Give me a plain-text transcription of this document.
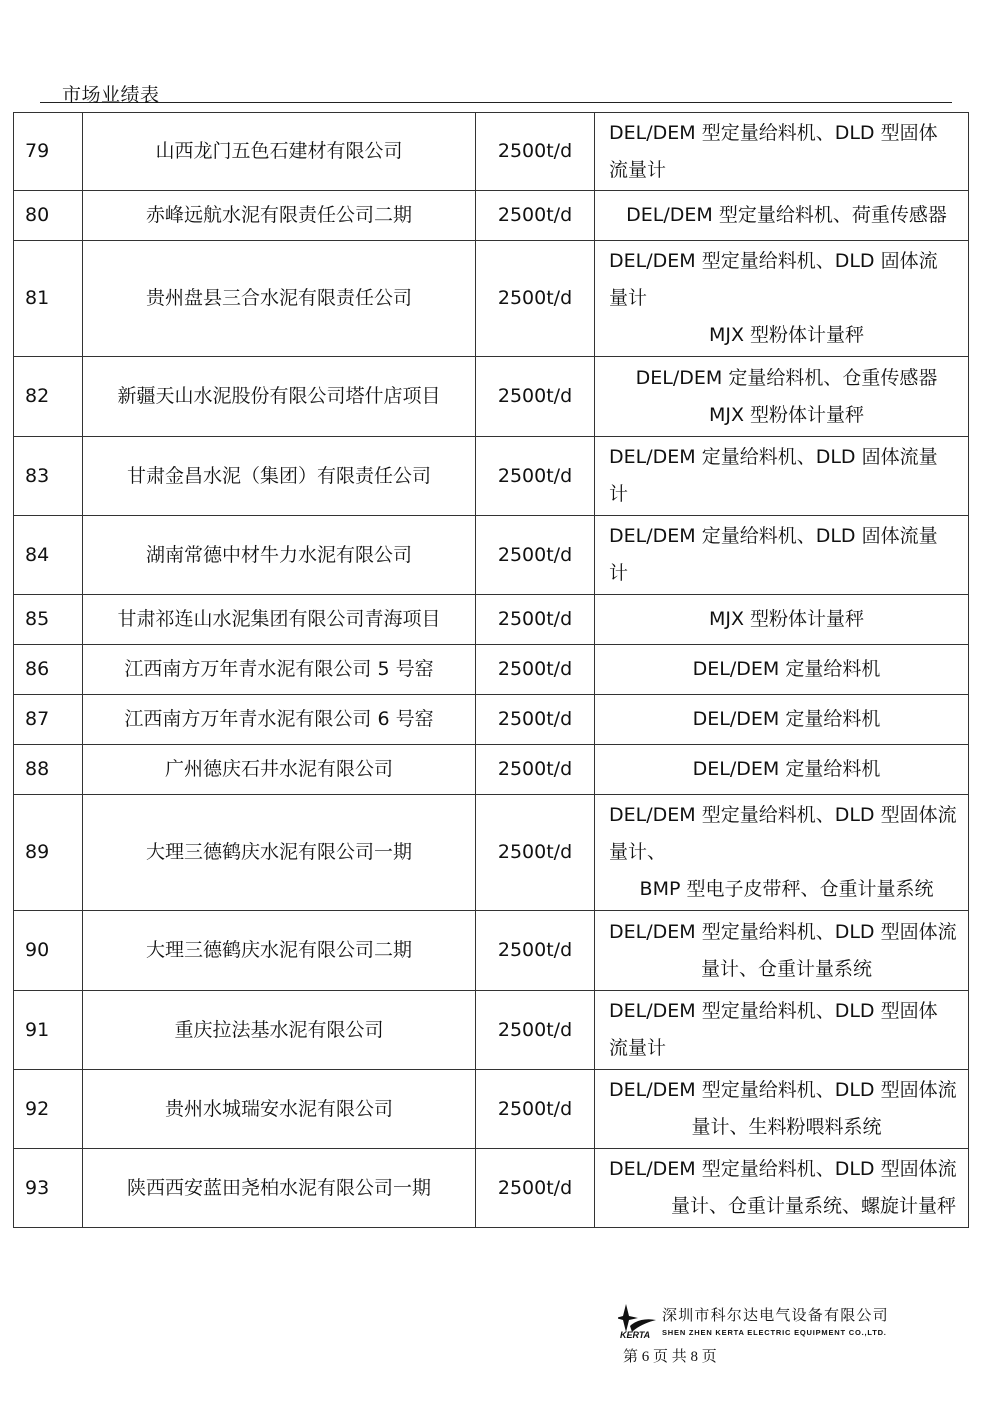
市场业绩表
79	山西龙门五色石建材有限公司	2500t/d	DEL/DEM 型定量给料机、DLD 型固体
流量计

80	赤峰远航水泥有限责任公司二期	2500t/d	DEL/DEM 型定量给料机、荷重传感器

81	贵州盘县三合水泥有限责任公司	2500t/d	DEL/DEM 型定量给料机、DLD 固体流
量计
MJX 型粉体计量秤

82	新疆天山水泥股份有限公司塔什店项目	2500t/d	DEL/DEM 定量给料机、仓重传感器
MJX 型粉体计量秤

83	甘肃金昌水泥（集团）有限责任公司	2500t/d	DEL/DEM 定量给料机、DLD 固体流量
计

84	湖南常德中材牛力水泥有限公司	2500t/d	DEL/DEM 定量给料机、DLD 固体流量
计

85	甘肃祁连山水泥集团有限公司青海项目	2500t/d	MJX 型粉体计量秤

86	江西南方万年青水泥有限公司 5 号窑	2500t/d	DEL/DEM 定量给料机

87	江西南方万年青水泥有限公司 6 号窑	2500t/d	DEL/DEM 定量给料机

88	广州德庆石井水泥有限公司	2500t/d	DEL/DEM 定量给料机

89	大理三德鹤庆水泥有限公司一期	2500t/d	DEL/DEM 型定量给料机、DLD 型固体流
量计、
BMP 型电子皮带秤、仓重计量系统

90	大理三德鹤庆水泥有限公司二期	2500t/d	DEL/DEM 型定量给料机、DLD 型固体流
量计、仓重计量系统

91	重庆拉法基水泥有限公司	2500t/d	DEL/DEM 型定量给料机、DLD 型固体
流量计

92	贵州水城瑞安水泥有限公司	2500t/d	DEL/DEM 型定量给料机、DLD 型固体流
量计、生料粉喂料系统

93	陕西西安蓝田尧柏水泥有限公司一期	2500t/d	DEL/DEM 型定量给料机、DLD 型固体流
量计、仓重计量系统、螺旋计量秤
KERTA
深圳市科尔达电气设备有限公司
SHEN ZHEN KERTA ELECTRIC EQUIPMENT CO.,LTD.
第 6 页 共 8 页
